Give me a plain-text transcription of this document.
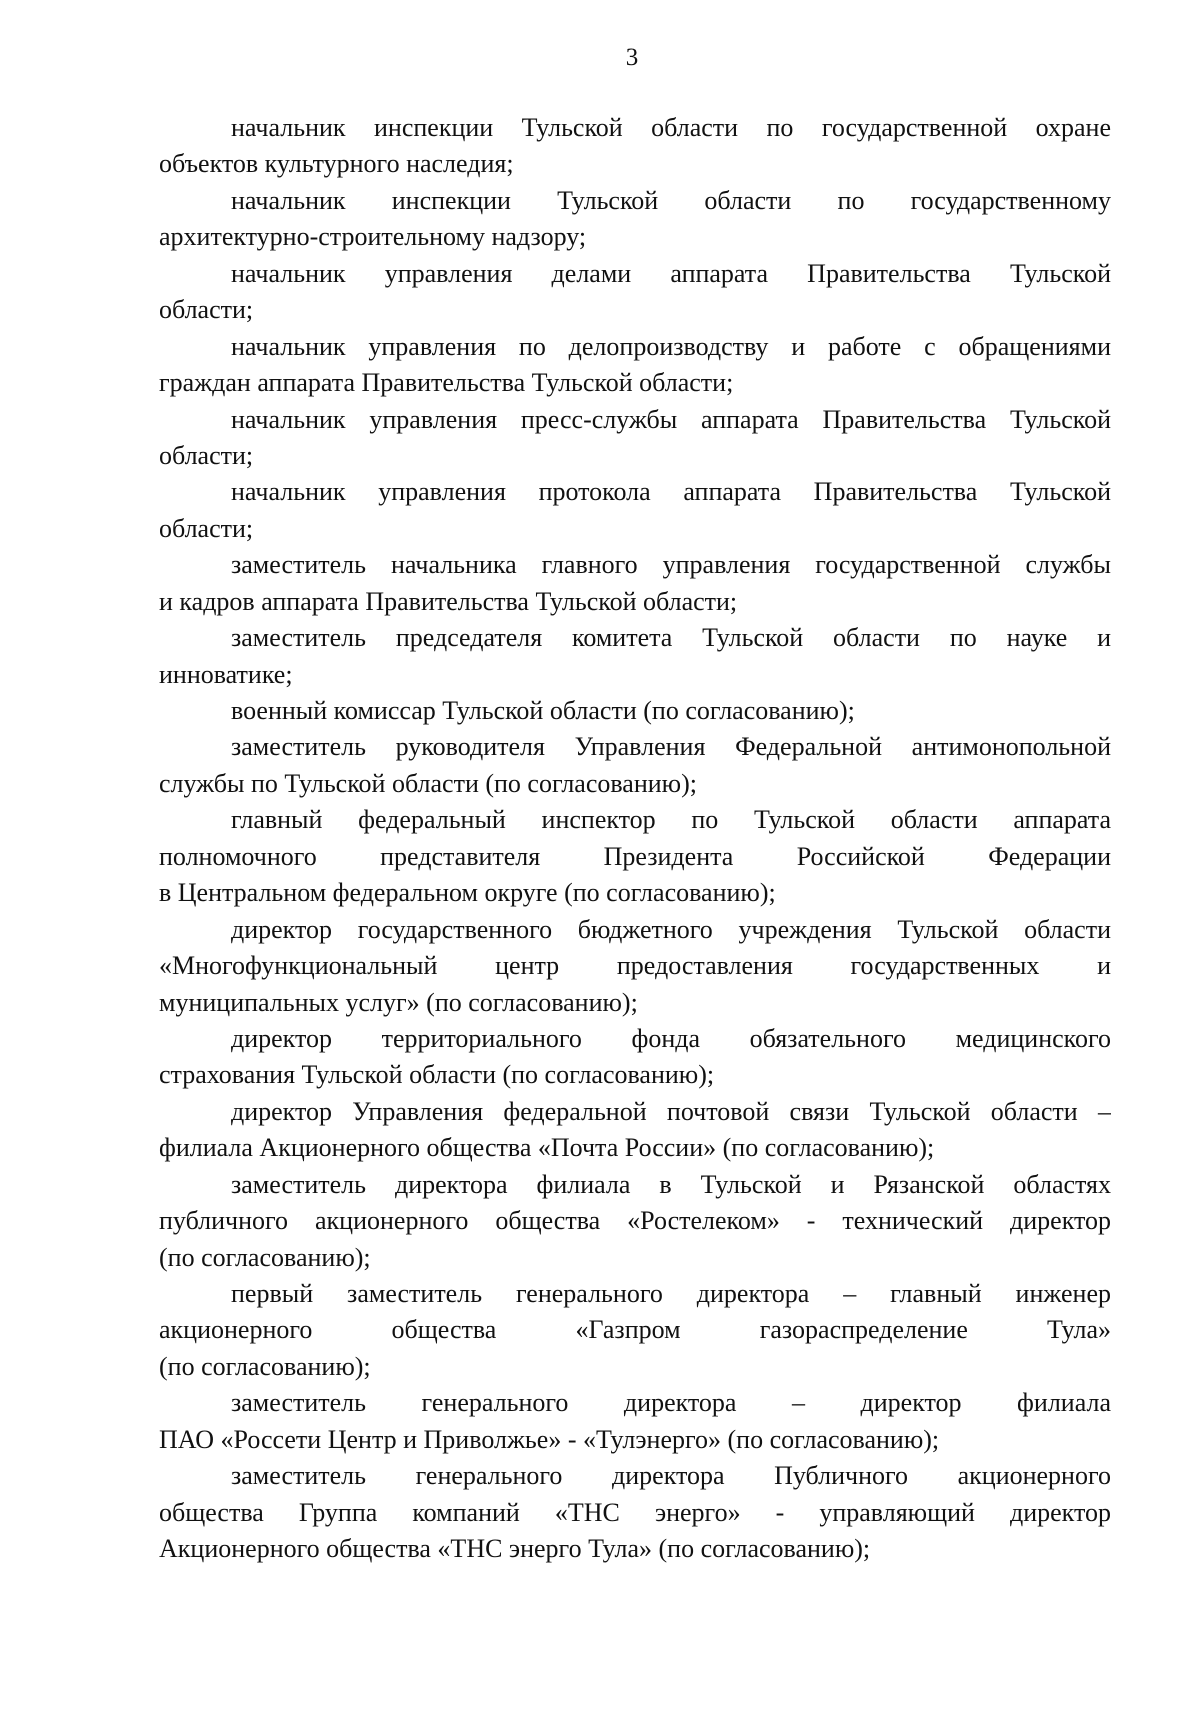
3
начальник инспекции Тульской области по государственной охране
объектов культурного наследия;
начальник инспекции Тульской области по государственному
архитектурно-строительному надзору;
начальник управления делами аппарата Правительства Тульской
области;
начальник управления по делопроизводству и работе с обращениями
граждан аппарата Правительства Тульской области;
начальник управления пресс-службы аппарата Правительства Тульской
области;
начальник управления протокола аппарата Правительства Тульской
области;
заместитель начальника главного управления государственной службы
и кадров аппарата Правительства Тульской области;
заместитель председателя комитета Тульской области по науке и
инноватике;
военный комиссар Тульской области (по согласованию);
заместитель руководителя Управления Федеральной антимонопольной
службы по Тульской области (по согласованию);
главный федеральный инспектор по Тульской области аппарата
полномочного представителя Президента Российской Федерации
в Центральном федеральном округе (по согласованию);
директор государственного бюджетного учреждения Тульской области
«Многофункциональный центр предоставления государственных и
муниципальных услуг» (по согласованию);
директор территориального фонда обязательного медицинского
страхования Тульской области (по согласованию);
директор Управления федеральной почтовой связи Тульской области –
филиала Акционерного общества «Почта России» (по согласованию);
заместитель директора филиала в Тульской и Рязанской областях
публичного акционерного общества «Ростелеком» - технический директор
(по согласованию);
первый заместитель генерального директора – главный инженер
акционерного общества «Газпром газораспределение Тула»
(по согласованию);
заместитель генерального директора – директор филиала
ПАО «Россети Центр и Приволжье» - «Тулэнерго» (по согласованию);
заместитель генерального директора Публичного акционерного
общества Группа компаний «ТНС энерго» - управляющий директор
Акционерного общества «ТНС энерго Тула» (по согласованию);
